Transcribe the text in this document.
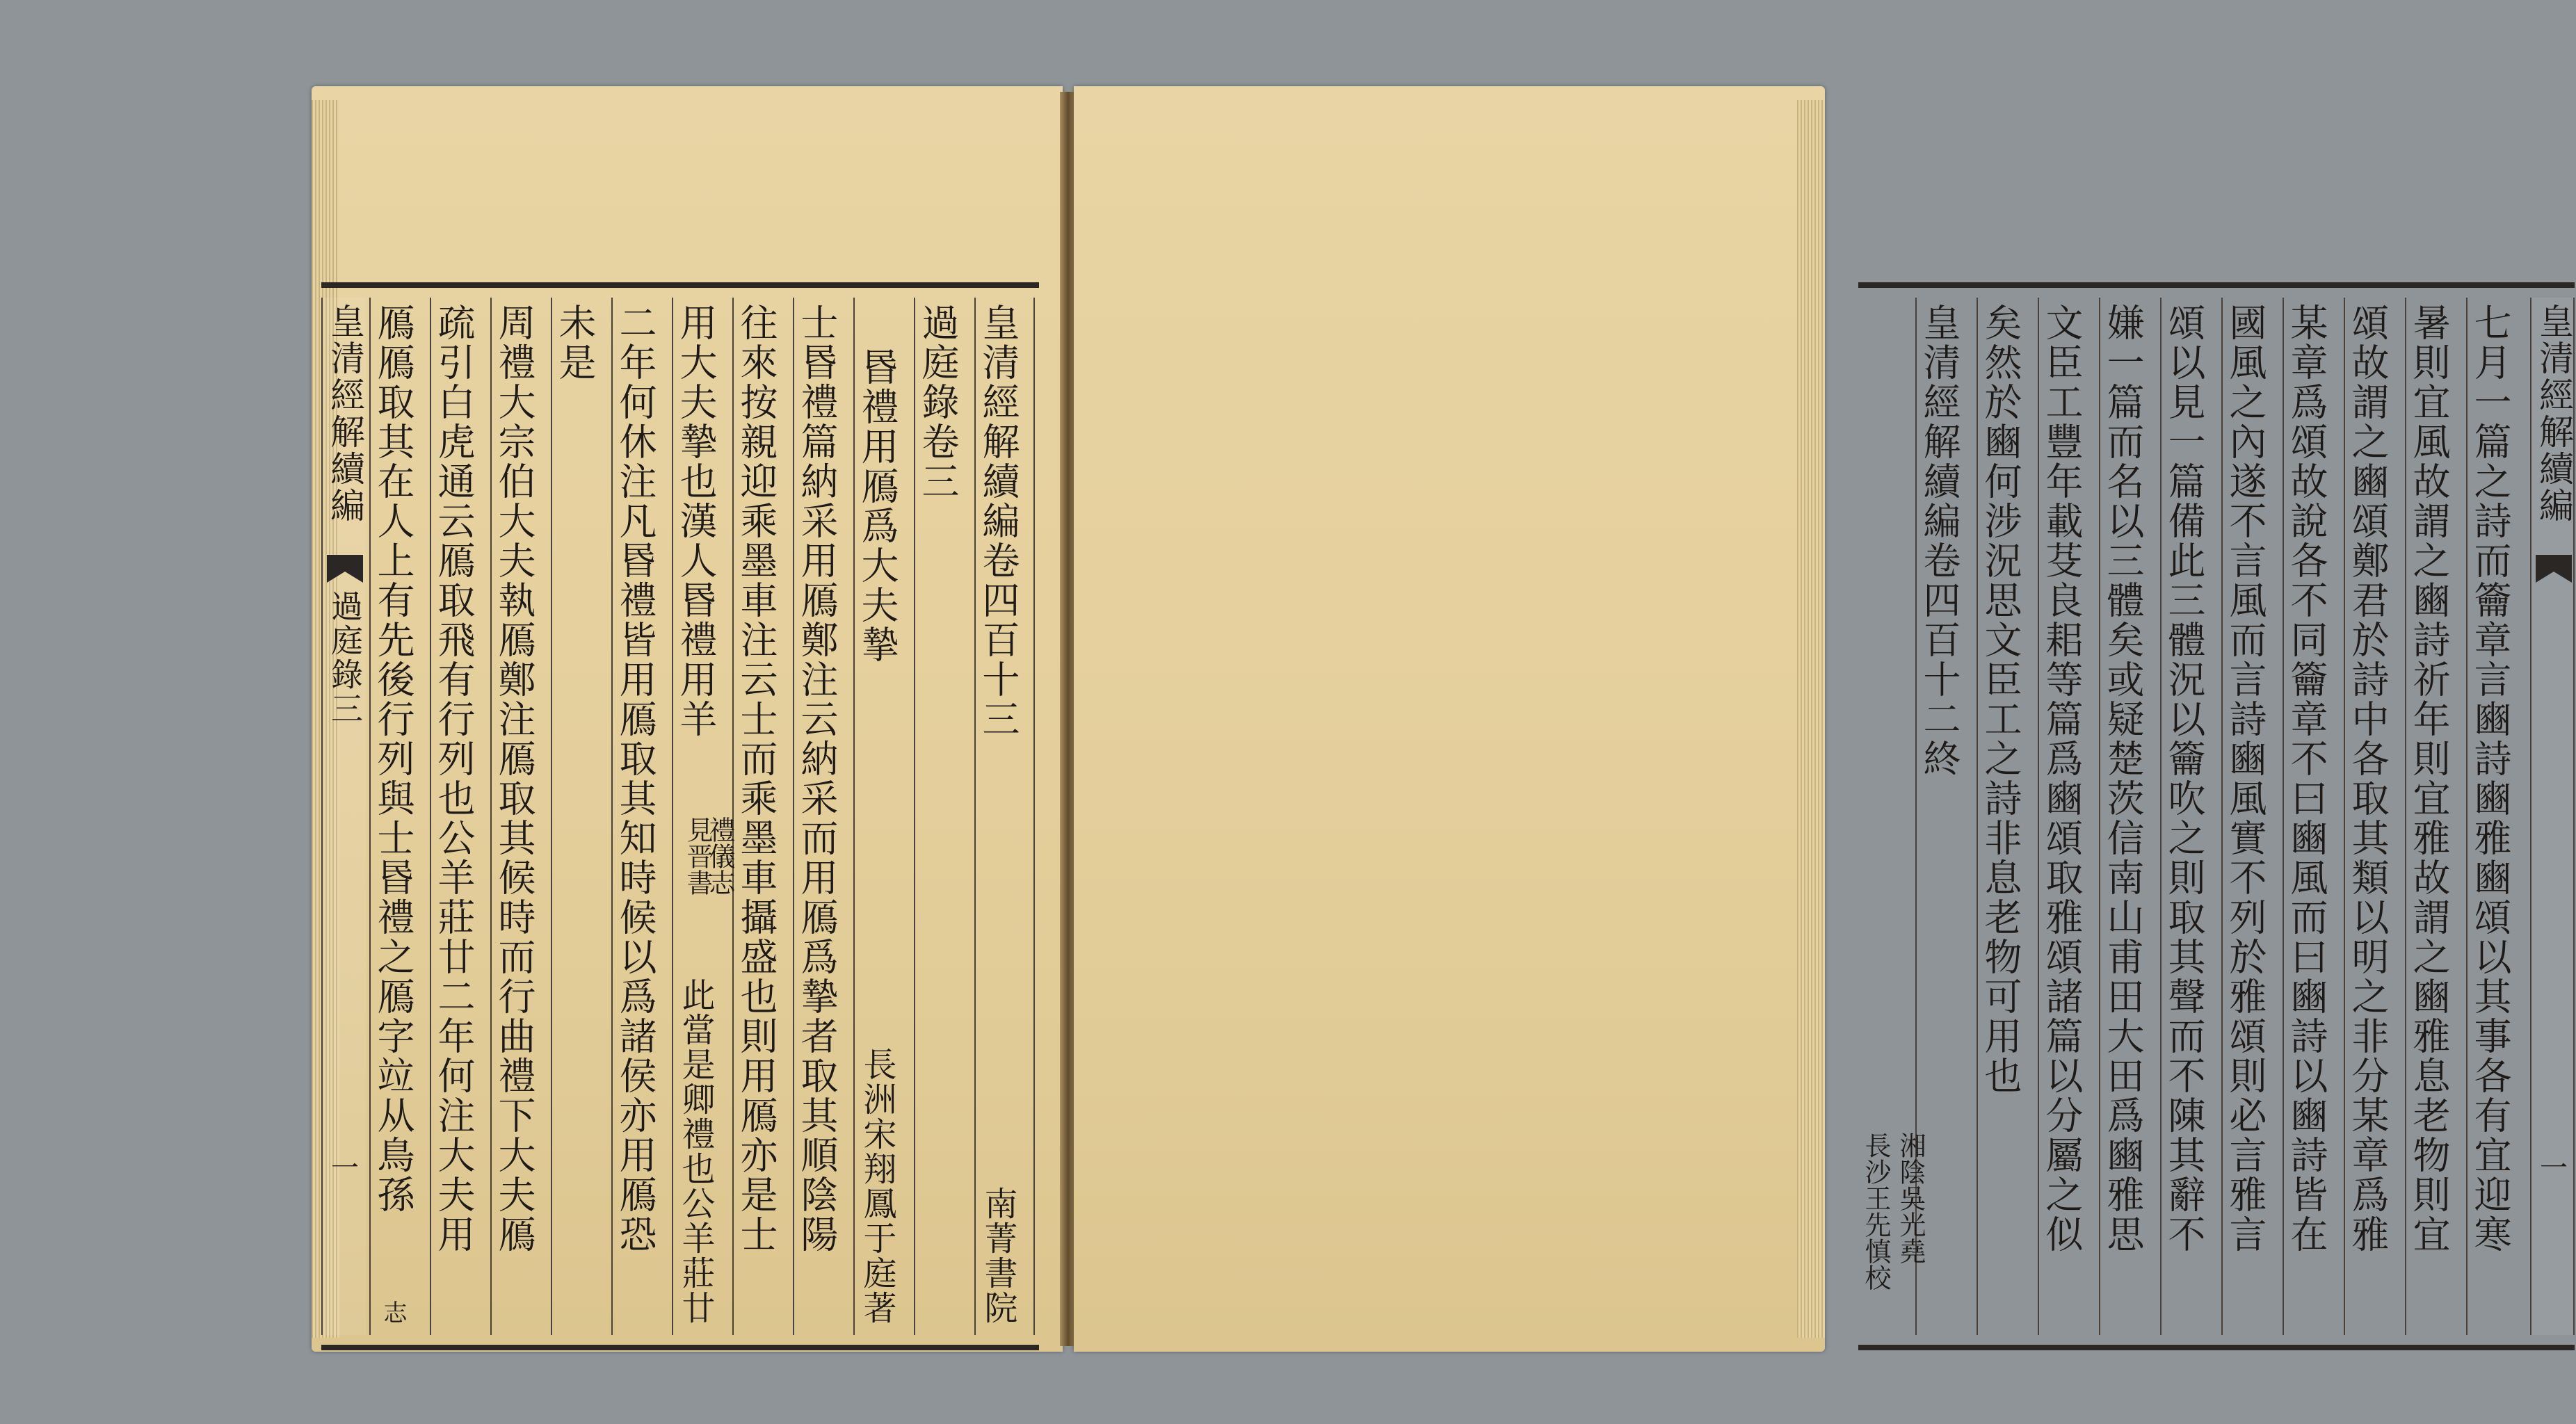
皇清經解續編
過庭錄三
一
皇清經解續編卷四百十三
南菁書院
過庭錄卷三
昬禮用鴈爲大夫摯
長洲宋翔鳳于庭著
士昬禮篇納采用鴈鄭注云納采而用鴈爲摯者取其順陰陽
往來按親迎乘墨車注云士而乘墨車攝盛也則用鴈亦是士
用大夫摯也漢人昬禮用羊
見晋書
禮儀志
此當是卿禮也公羊莊廿
二年何休注凡昬禮皆用鴈取其知時候以爲諸侯亦用鴈恐
未是
周禮大宗伯大夫執鴈鄭注鴈取其候時而行曲禮下大夫鴈
疏引白虎通云鴈取飛有行列也公羊莊廿二年何注大夫用
鴈鴈取其在人上有先後行列與士昬禮之鴈字竝从鳥孫
志
皇清經解續編
一
七月一篇之詩而籥章言豳詩豳雅豳頌以其事各有宜迎寒
暑則宜風故謂之豳詩祈年則宜雅故謂之豳雅息老物則宜
頌故謂之豳頌鄭君於詩中各取其類以明之非分某章爲雅
某章爲頌故說各不同籥章不曰豳風而曰豳詩以豳詩皆在
國風之內遂不言風而言詩豳風實不列於雅頌則必言雅言
頌以見一篇備此三體況以籥吹之則取其聲而不陳其辭不
嫌一篇而名以三體矣或疑楚茨信南山甫田大田爲豳雅思
文臣工豐年載芟良耜等篇爲豳頌取雅頌諸篇以分屬之似
矣然於豳何涉況思文臣工之詩非息老物可用也
皇清經解續編卷四百十二終
湘陰吳光堯
長沙王先慎校
